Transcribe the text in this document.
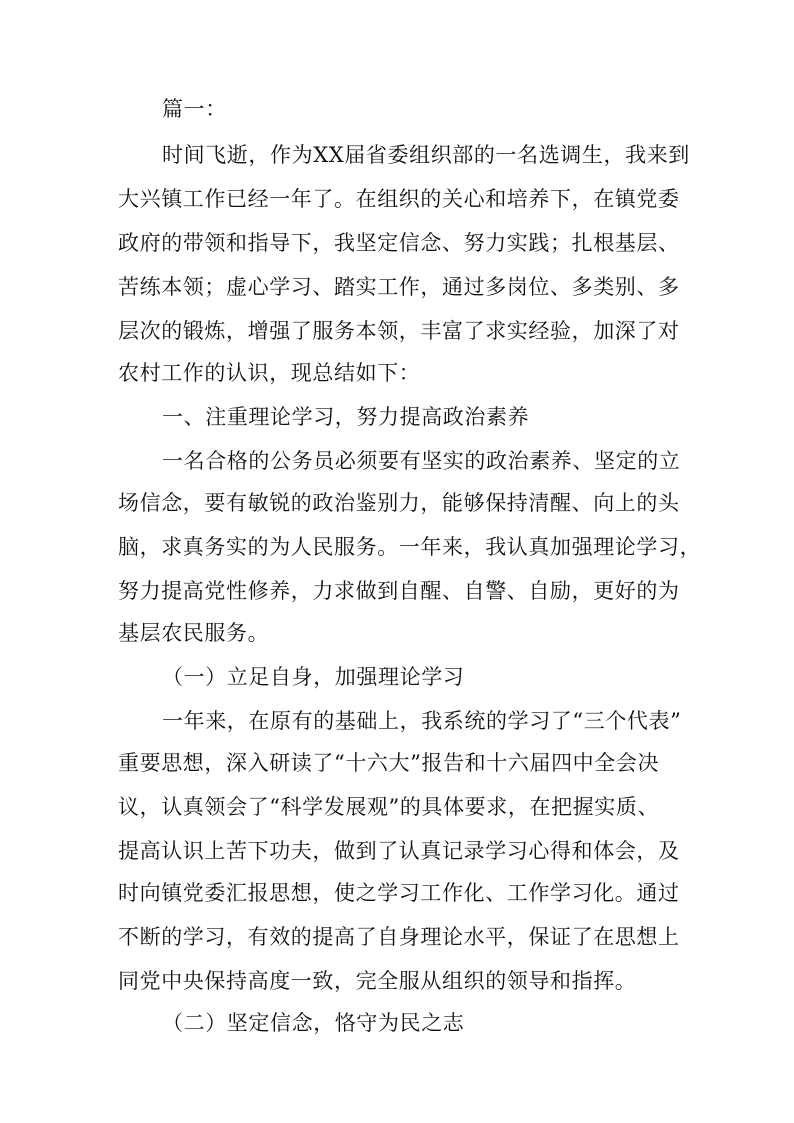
篇一：
时间飞逝，作为XX届省委组织部的一名选调生，我来到
大兴镇工作已经一年了。在组织的关心和培养下，在镇党委
政府的带领和指导下，我坚定信念、努力实践；扎根基层、
苦练本领；虚心学习、踏实工作，通过多岗位、多类别、多
层次的锻炼，增强了服务本领，丰富了求实经验，加深了对
农村工作的认识，现总结如下：
一、注重理论学习，努力提高政治素养
一名合格的公务员必须要有坚实的政治素养、坚定的立
场信念，要有敏锐的政治鉴别力，能够保持清醒、向上的头
脑，求真务实的为人民服务。一年来，我认真加强理论学习，
努力提高党性修养，力求做到自醒、自警、自励，更好的为
基层农民服务。
（一）立足自身，加强理论学习
一年来，在原有的基础上，我系统的学习了“三个代表”
重要思想，深入研读了“十六大”报告和十六届四中全会决
议，认真领会了“科学发展观”的具体要求，在把握实质、
提高认识上苦下功夫，做到了认真记录学习心得和体会，及
时向镇党委汇报思想，使之学习工作化、工作学习化。通过
不断的学习，有效的提高了自身理论水平，保证了在思想上
同党中央保持高度一致，完全服从组织的领导和指挥。
（二）坚定信念，恪守为民之志
